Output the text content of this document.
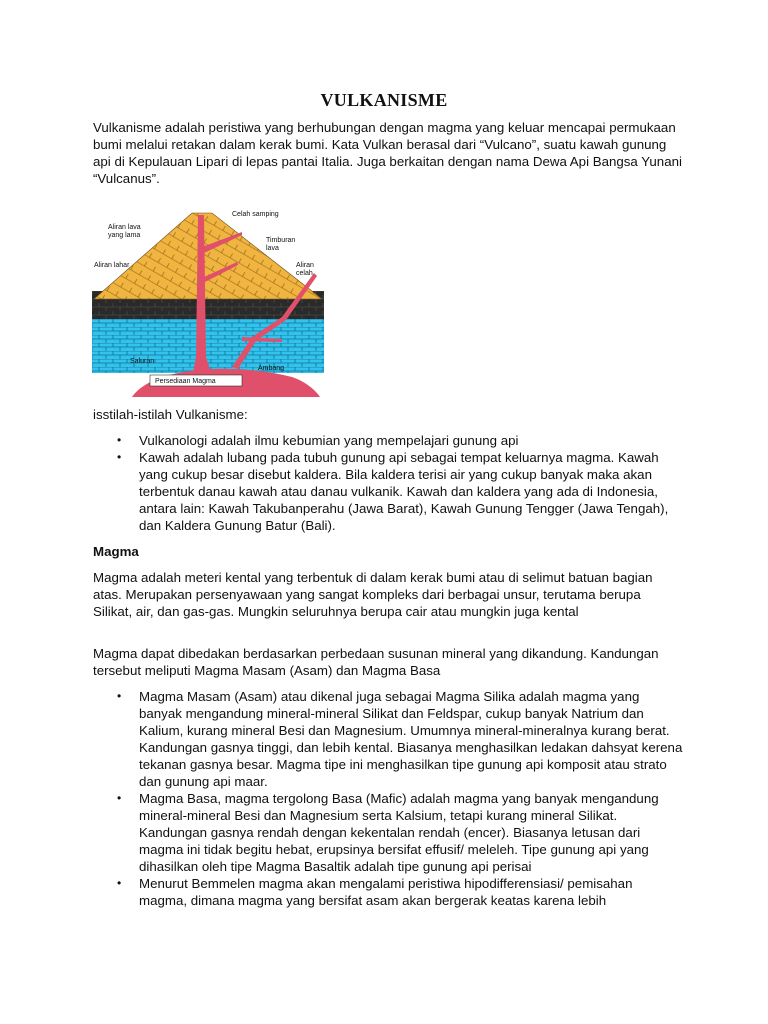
VULKANISME

Vulkanisme adalah peristiwa yang berhubungan dengan magma yang keluar mencapai permukaan bumi melalui retakan dalam kerak bumi. Kata Vulkan berasal dari “Vulcano”, suatu kawah gunung api di Kepulauan Lipari di lepas pantai Italia. Juga berkaitan dengan nama Dewa Api Bangsa Yunani “Vulcanus”.

Celah samping
Aliran lava
yang lama
Timburan
lava
Aliran lahar	Aliran
celah
Saluran
Ambang
Persediaan Magma

isstilah-istilah Vulkanisme:

• Vulkanologi adalah ilmu kebumian yang mempelajari gunung api
• Kawah adalah lubang pada tubuh gunung api sebagai tempat keluarnya magma. Kawah yang cukup besar disebut kaldera. Bila kaldera terisi air yang cukup banyak maka akan terbentuk danau kawah atau danau vulkanik. Kawah dan kaldera yang ada di Indonesia, antara lain: Kawah Takubanperahu (Jawa Barat), Kawah Gunung Tengger (Jawa Tengah), dan Kaldera Gunung Batur (Bali).
Magma

Magma adalah meteri kental yang terbentuk di dalam kerak bumi atau di selimut batuan bagian atas. Merupakan persenyawaan yang sangat kompleks dari berbagai unsur, terutama berupa Silikat, air, dan gas-gas. Mungkin seluruhnya berupa cair atau mungkin juga kental

Magma dapat dibedakan berdasarkan perbedaan susunan mineral yang dikandung. Kandungan tersebut meliputi Magma Masam (Asam) dan Magma Basa

• Magma Masam (Asam) atau dikenal juga sebagai Magma Silika adalah magma yang banyak mengandung mineral-mineral Silikat dan Feldspar, cukup banyak Natrium dan Kalium, kurang mineral Besi dan Magnesium. Umumnya mineral-mineralnya kurang berat. Kandungan gasnya tinggi, dan lebih kental. Biasanya menghasilkan ledakan dahsyat kerena tekanan gasnya besar. Magma tipe ini menghasilkan tipe gunung api komposit atau strato dan gunung api maar.
• Magma Basa, magma tergolong Basa (Mafic) adalah magma yang banyak mengandung mineral-mineral Besi dan Magnesium serta Kalsium, tetapi kurang mineral Silikat. Kandungan gasnya rendah dengan kekentalan rendah (encer). Biasanya letusan dari magma ini tidak begitu hebat, erupsinya bersifat effusif/ meleleh. Tipe gunung api yang dihasilkan oleh tipe Magma Basaltik adalah tipe gunung api perisai
• Menurut Bemmelen magma akan mengalami peristiwa hipodifferensiasi/ pemisahan magma, dimana magma yang bersifat asam akan bergerak keatas karena lebih
